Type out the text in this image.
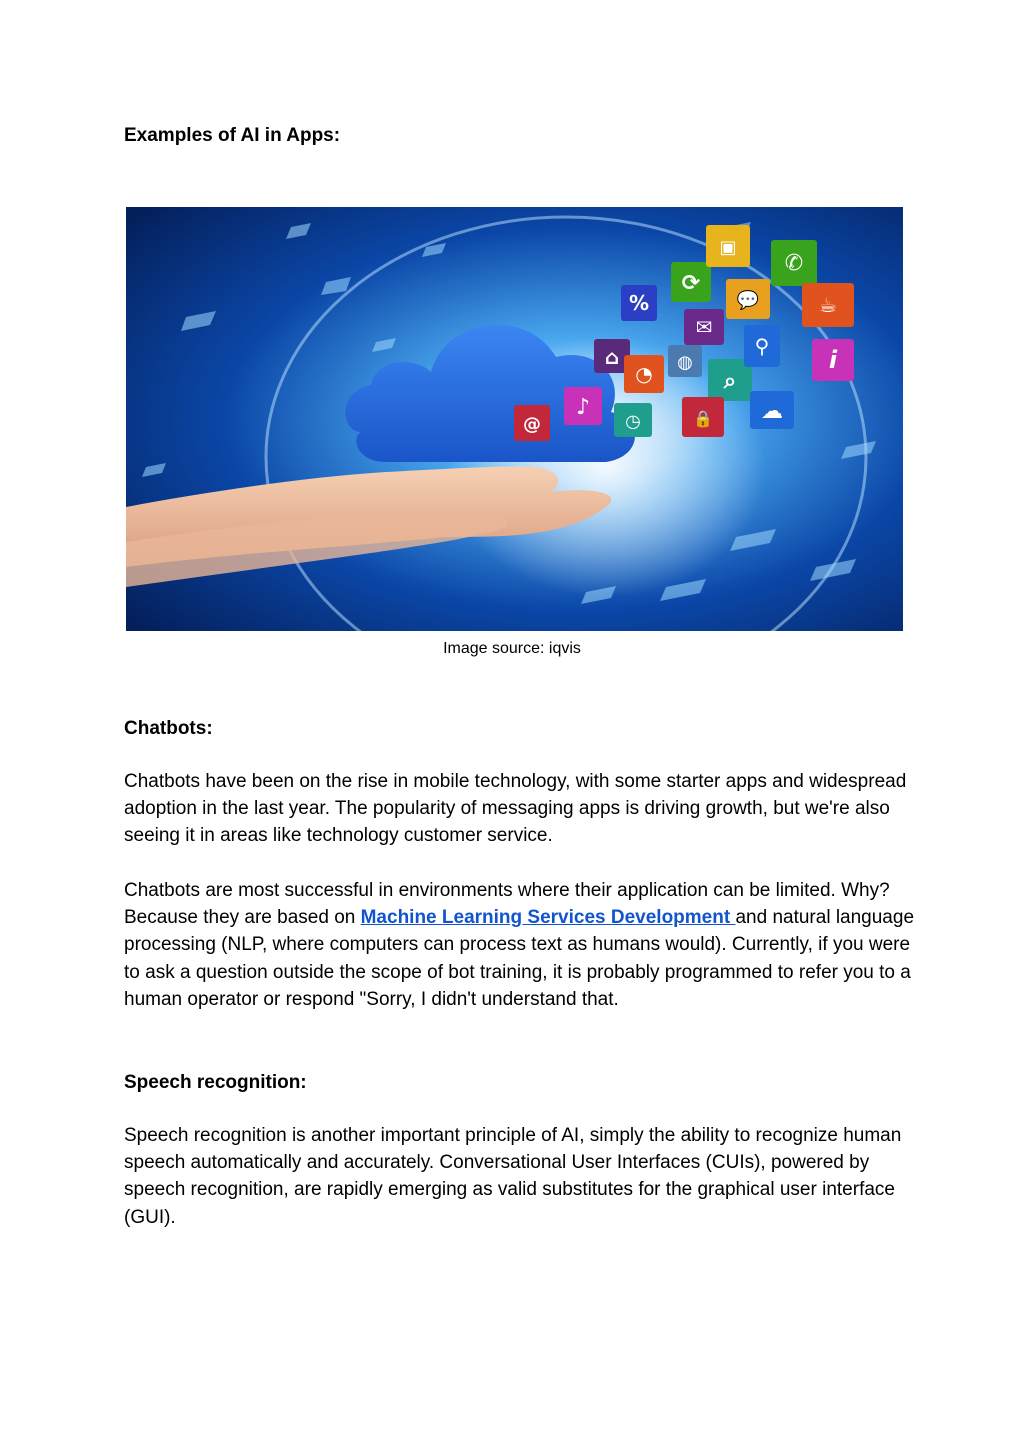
Examples of AI in Apps:
%
⟳
✉
⌂
◔ ◍
⌕
♪
@	◷	🔒 ☁
⚲ i
💬
✆
☕
▣
Image source: iqvis
Chatbots:

Chatbots have been on the rise in mobile technology, with some starter apps and widespread adoption in the last year. The popularity of messaging apps is driving growth, but we're also seeing it in areas like technology customer service.

Chatbots are most successful in environments where their application can be limited. Why? Because they are based on Machine Learning Services Development and natural language processing (NLP, where computers can process text as humans would). Currently, if you were to ask a question outside the scope of bot training, it is probably programmed to refer you to a human operator or respond "Sorry, I didn't understand that.

Speech recognition:

Speech recognition is another important principle of AI, simply the ability to recognize human speech automatically and accurately. Conversational User Interfaces (CUIs), powered by speech recognition, are rapidly emerging as valid substitutes for the graphical user interface (GUI).
